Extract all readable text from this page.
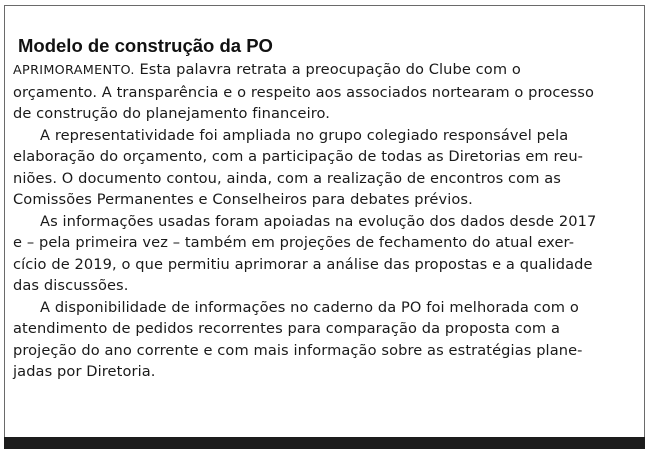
Modelo de construção da PO
APRIMORAMENTO. Esta palavra retrata a preocupação do Clube com o
orçamento. A transparência e o respeito aos associados nortearam o processo
de construção do planejamento financeiro.
A representatividade foi ampliada no grupo colegiado responsável pela
elaboração do orçamento, com a participação de todas as Diretorias em reu-
niões. O documento contou, ainda, com a realização de encontros com as
Comissões Permanentes e Conselheiros para debates prévios.
As informações usadas foram apoiadas na evolução dos dados desde 2017
e – pela primeira vez – também em projeções de fechamento do atual exer-
cício de 2019, o que permitiu aprimorar a análise das propostas e a qualidade
das discussões.
A disponibilidade de informações no caderno da PO foi melhorada com o
atendimento de pedidos recorrentes para comparação da proposta com a
projeção do ano corrente e com mais informação sobre as estratégias plane-
jadas por Diretoria.
